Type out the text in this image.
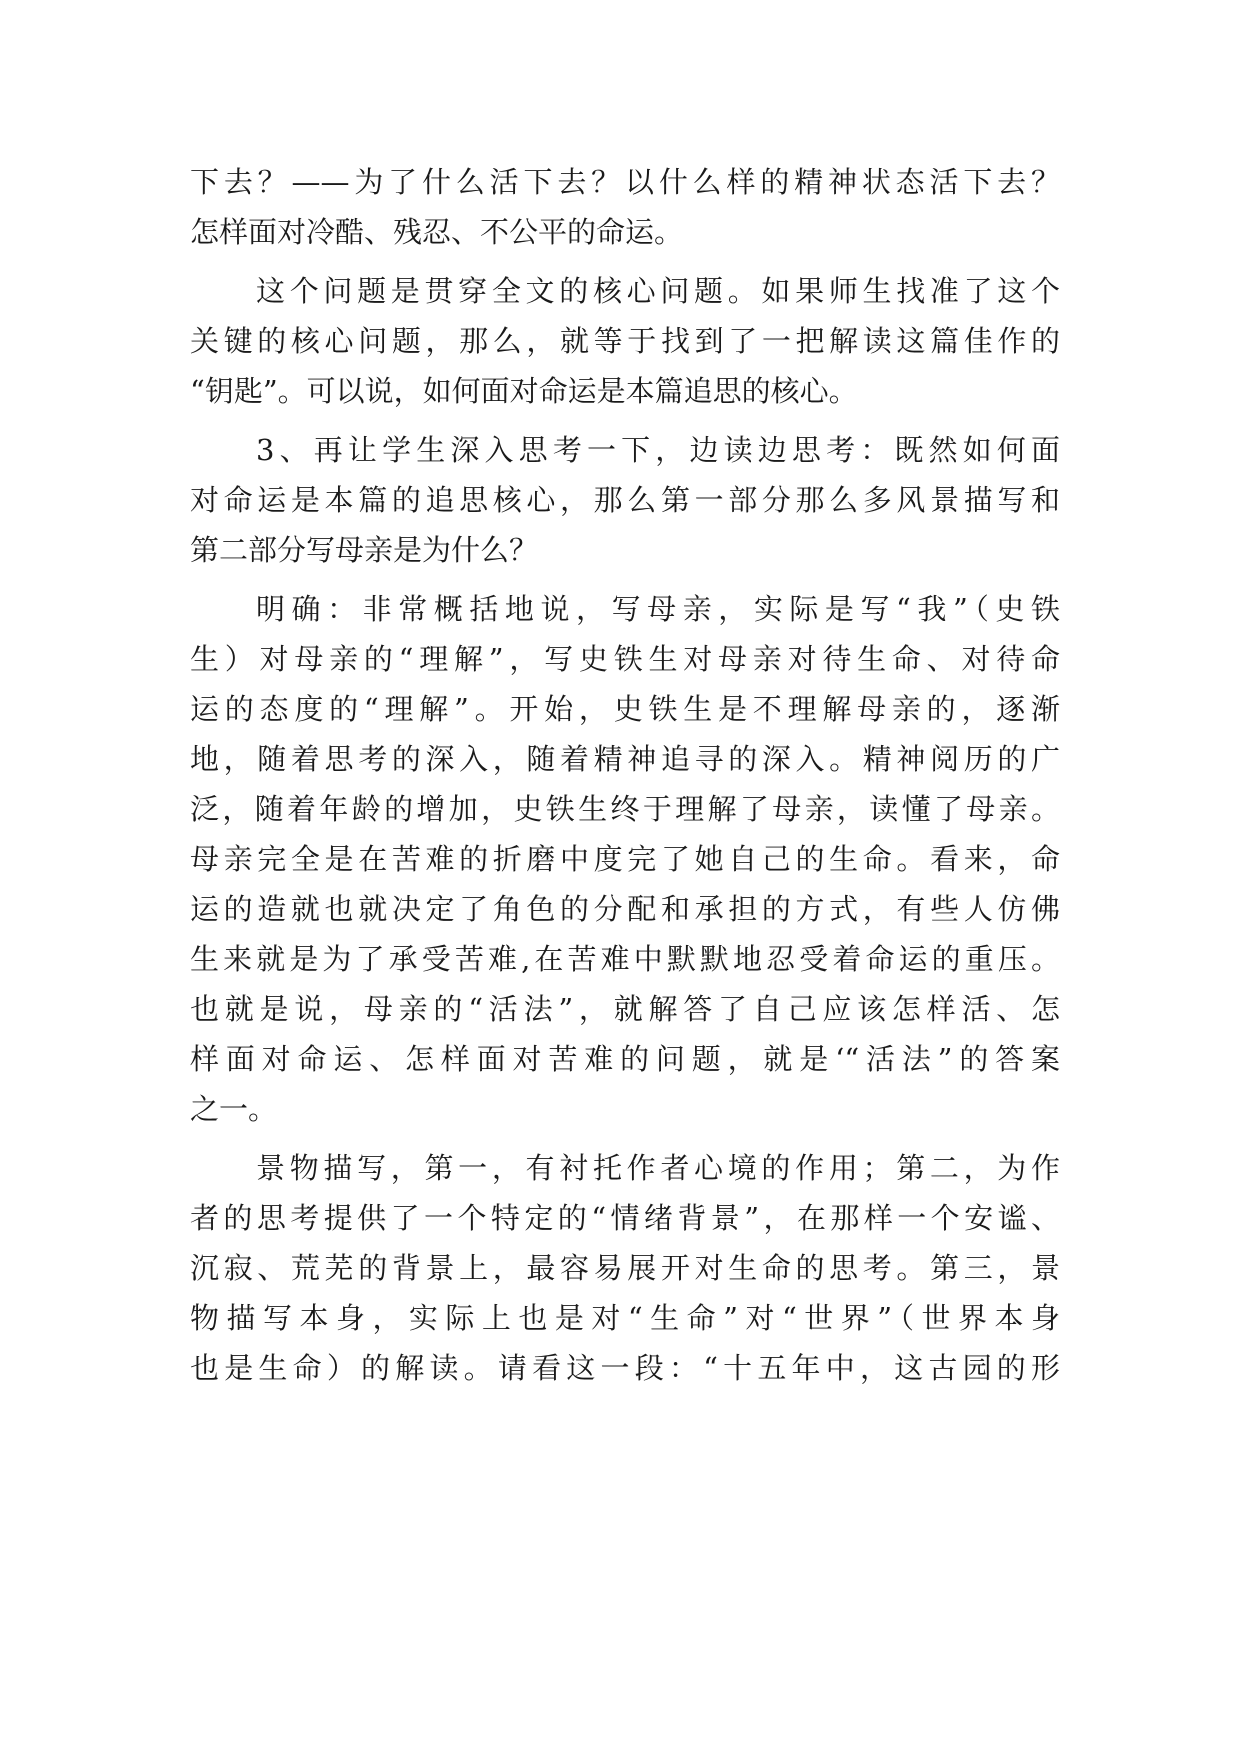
下去？——为了什么活下去？以什么样的精神状态活下去？
怎样面对冷酷、残忍、不公平的命运。
这个问题是贯穿全文的核心问题。如果师生找准了这个
关键的核心问题，那么，就等于找到了一把解读这篇佳作的
“钥匙”。可以说，如何面对命运是本篇追思的核心。
3、再让学生深入思考一下，边读边思考：既然如何面
对命运是本篇的追思核心，那么第一部分那么多风景描写和
第二部分写母亲是为什么？
明确：非常概括地说，写母亲，实际是写“我”（史铁
生）对母亲的“理解”，写史铁生对母亲对待生命、对待命
运的态度的“理解”。开始，史铁生是不理解母亲的，逐渐
地，随着思考的深入，随着精神追寻的深入。精神阅历的广
泛，随着年龄的增加，史铁生终于理解了母亲，读懂了母亲。
母亲完全是在苦难的折磨中度完了她自己的生命。看来，命
运的造就也就决定了角色的分配和承担的方式，有些人仿佛
生来就是为了承受苦难,在苦难中默默地忍受着命运的重压。
也就是说，母亲的“活法”，就解答了自己应该怎样活、怎
样面对命运、怎样面对苦难的问题，就是‘“活法”的答案
之一。
景物描写，第一，有衬托作者心境的作用；第二，为作
者的思考提供了一个特定的“情绪背景”，在那样一个安谧、
沉寂、荒芜的背景上，最容易展开对生命的思考。第三，景
物描写本身，实际上也是对“生命”对“世界”（世界本身
也是生命）的解读。请看这一段：“十五年中，这古园的形
